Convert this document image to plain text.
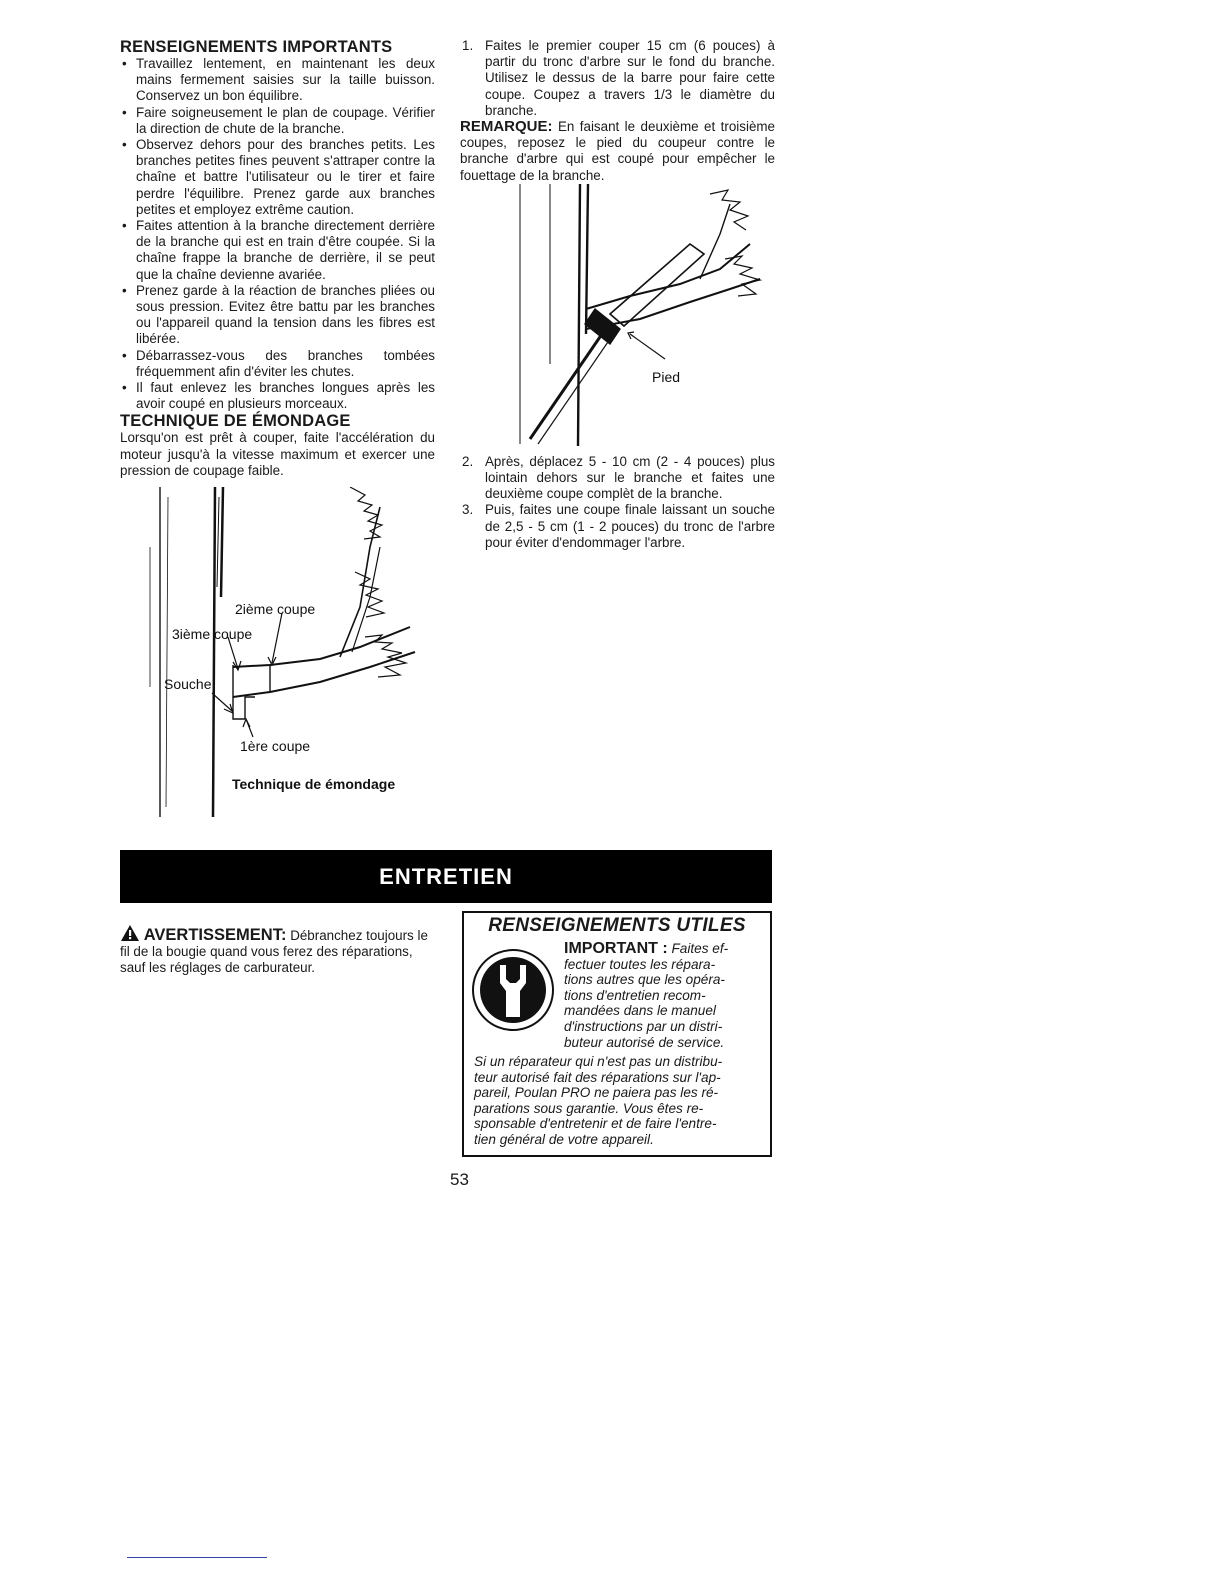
RENSEIGNEMENTS IMPORTANTS
• Travaillez lentement, en maintenant les deux mains fermement saisies sur la taille buisson. Conservez un bon équilibre.
• Faire soigneusement le plan de coupage. Vérifier la direction de chute de la branche.
• Observez dehors pour des branches petits. Les branches petites fines peuvent s'attraper contre la chaîne et battre l'utilisateur ou le tirer et faire perdre l'équilibre. Prenez garde aux branches petites et employez extrême caution.
• Faites attention à la branche directement derrière de la branche qui est en train d'être coupée. Si la chaîne frappe la branche de derrière, il se peut que la chaîne devienne avariée.
• Prenez garde à la réaction de branches pliées ou sous pression. Evitez être battu par les branches ou l'appareil quand la tension dans les fibres est libérée.
• Débarrassez-vous des branches tombées fréquemment afin d'éviter les chutes.
• Il faut enlevez les branches longues après les avoir coupé en plusieurs morceaux.
TECHNIQUE DE ÉMONDAGE

Lorsqu'on est prêt à couper, faite l'accélération du moteur jusqu'à la vitesse maximum et exercer une pression de coupage faible.

2ième coupe
3ième coupe
Souche
1ère coupe
Technique de émondage
1. Faites le premier couper 15 cm (6 pouces) à partir du tronc d'arbre sur le fond du branche. Utilisez le dessus de la barre pour faire cette coupe. Coupez a travers 1/3 le diamètre du branche.

REMARQUE: En faisant le deuxième et troisième coupes, reposez le pied du coupeur contre le branche d'arbre qui est coupé pour empêcher le fouettage de la branche.

Pied
2. Après, déplacez 5 - 10 cm (2 - 4 pouces) plus lointain dehors sur le branche et faites une deuxième coupe complèt de la branche.
3. Puis, faites une coupe finale laissant un souche de 2,5 - 5 cm (1 - 2 pouces) du tronc de l'arbre pour éviter d'endommager l'arbre.
ENTRETIEN
AVERTISSEMENT: Débranchez toujours le fil de la bougie quand vous ferez des réparations, sauf les réglages de carburateur.
RENSEIGNEMENTS UTILES
IMPORTANT : Faites ef-
fectuer toutes les répara-
tions autres que les opéra-
tions d'entretien recom-
mandées dans le manuel
d'instructions par un distri-
buteur autorisé de service.
Si un réparateur qui n'est pas un distribu-
teur autorisé fait des réparations sur l'ap-
pareil, Poulan PRO ne paiera pas les ré-
parations sous garantie. Vous êtes re-
sponsable d'entretenir et de faire l'entre-
tien général de votre appareil.
53
